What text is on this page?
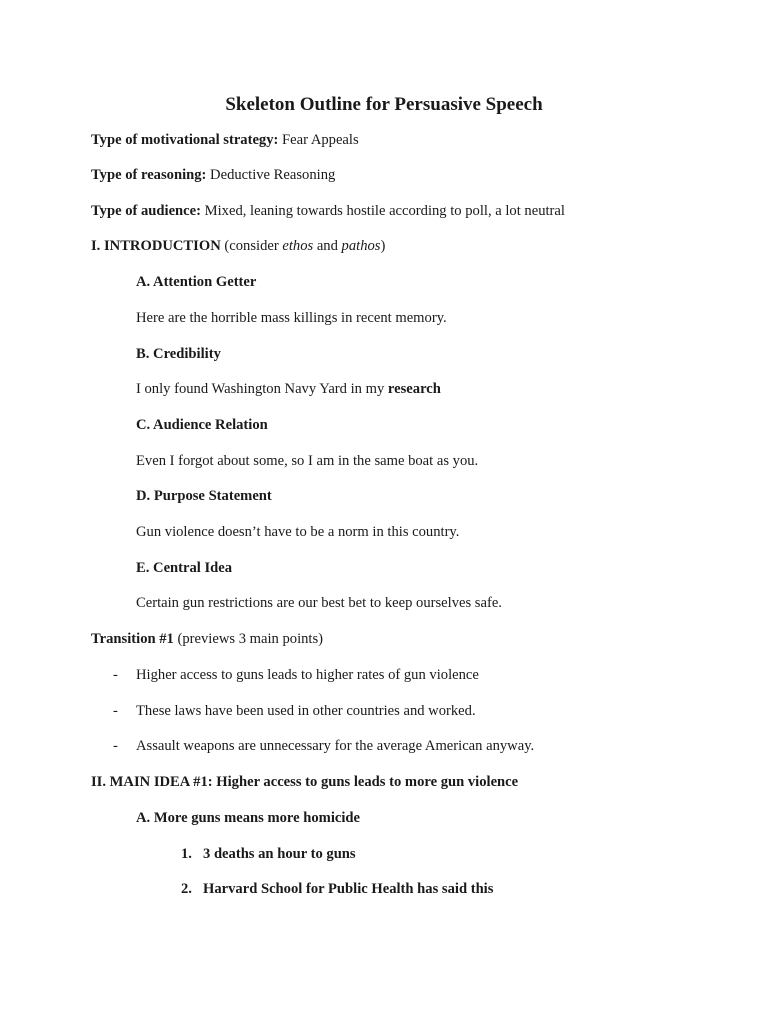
Skeleton Outline for Persuasive Speech
Type of motivational strategy: Fear Appeals
Type of reasoning: Deductive Reasoning
Type of audience: Mixed, leaning towards hostile according to poll, a lot neutral
I. INTRODUCTION (consider ethos and pathos)
A. Attention Getter
Here are the horrible mass killings in recent memory.
B. Credibility
I only found Washington Navy Yard in my research
C. Audience Relation
Even I forgot about some, so I am in the same boat as you.
D. Purpose Statement
Gun violence doesn’t have to be a norm in this country.
E. Central Idea
Certain gun restrictions are our best bet to keep ourselves safe.
Transition #1 (previews 3 main points)
- Higher access to guns leads to higher rates of gun violence
- These laws have been used in other countries and worked.
- Assault weapons are unnecessary for the average American anyway.
II. MAIN IDEA #1: Higher access to guns leads to more gun violence
A. More guns means more homicide
1. 3 deaths an hour to guns
2. Harvard School for Public Health has said this
